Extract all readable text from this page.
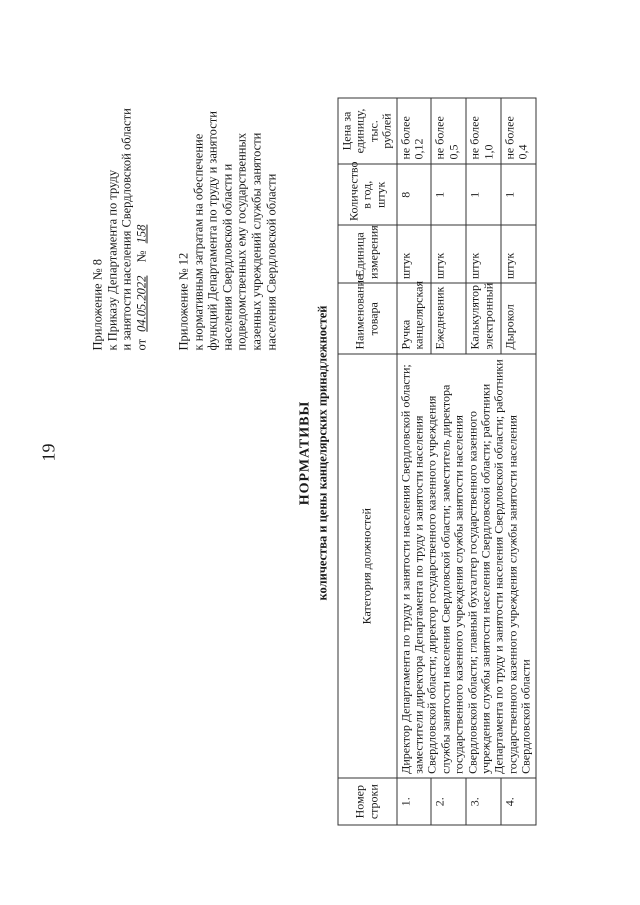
19
Приложение № 8 к Приказу Департамента по труду и занятости населения Свердловской области от 04.05.2022 № 158
Приложение № 12 к нормативным затратам на обеспечение функций Департамента по труду и занятости населения Свердловской области и подведомственных ему государственных казенных учреждений службы занятости населения Свердловской области
НОРМАТИВЫ количества и цены канцелярских принадлежностей
Номер строки	Категория должностей	Наименование товара	Единица измерения	Количество в год, штук	Цена за единицу, тыс. рублей
1.	Директор Департамента по труду и занятости населения Свердловской области; заместители директора Департамента по труду и занятости населения Свердловской области; директор государственного казенного учреждения службы занятости населения Свердловской области; заместитель директора государственного казенного учреждения службы занятости населения Свердловской области; главный бухгалтер государственного казенного учреждения службы занятости населения Свердловской области; работники Департамента по труду и занятости населения Свердловской области; работники государственного казенного учреждения службы занятости населения Свердловской области	Ручка канцелярская	штук	8	не более 0,12
2.		Ежедневник	штук	1	не более 0,5
3.		Калькулятор электронный	штук	1	не более 1,0
4.		Дырокол	штук	1	не более 0,4
